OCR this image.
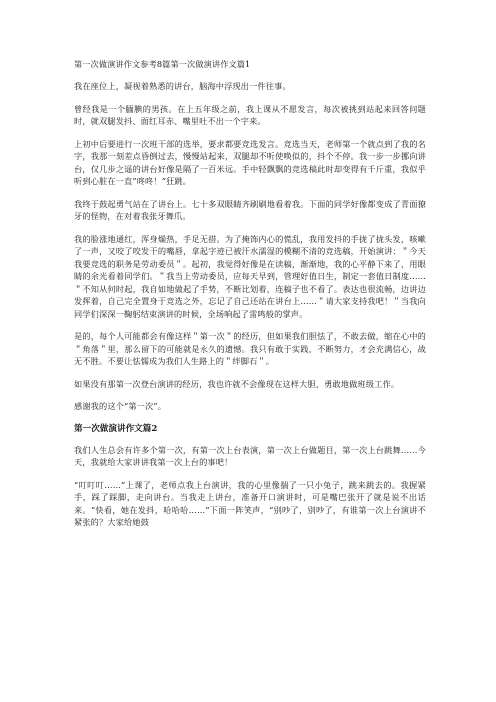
第一次做演讲作文参考8篇第一次做演讲作文篇1

我在座位上，凝视着熟悉的讲台，脑海中浮现出一件往事。

曾经我是一个腼腆的男孩。在上五年级之前，我上课从不愿发言，每次被挑到站起来回答问题时，就双腿发抖、面红耳赤、嘴里吐不出一个字来。

上初中后要进行一次班干部的选举，要求都要竞选发言。竞选当天，老师第一个就点到了我的名字，我那一刻差点昏倒过去，慢慢站起来，双腿却不听使唤似的，抖个不停。我一步一步挪向讲台，仅几步之遥的讲台好像是隔了一百米远。手中轻飘飘的竞选稿此时却变得有千斤重，我似乎听到心脏在一直”咚咚！“狂跳。

我终于鼓起勇气站在了讲台上。七十多双眼睛齐刷刷地看着我。下面的同学好像都变成了青面獠牙的怪物，在对着我张牙舞爪。

我的脸涨地通红，浑身燥热，手足无措。为了掩饰内心的慌乱，我用发抖的手拢了拢头发，咳嗽了一声，又咬了咬发干的嘴唇，拿起字迹已被汗水濡湿的模糊不清的竞选稿，开始演讲：＂今天我要竞选的职务是劳动委员＂。起初，我觉得好像是在读稿，渐渐地，我的心平静下来了，用眼睛的余光看着同学们。＂我当上劳动委员，应每天早到，管理好值日生，制定一套值日制度……＂不知从何时起，我自如地做起了手势，不断比划着，连稿子也不看了。表达也很流畅，边讲边发挥着，自己完全置身于竞选之外，忘记了自己还站在讲台上……＂请大家支持我吧！＂当我向同学们深深一鞠躬结束演讲的时候，全场响起了雷鸣般的掌声。

是的，每个人可能都会有像这样＂第一次＂的经历，但如果我们胆怯了，不敢去做，缩在心中的＂角落＂里，那么留下的可能就是永久的遗憾。我只有敢于实践，不断努力，才会充满信心，战无不胜。不要让怯懦成为我们人生路上的＂绊脚石＂。

如果没有那第一次登台演讲的经历，我也许就不会像现在这样大胆、勇敢地做班级工作。

感谢我的这个“第一次”。

第一次做演讲作文篇2

我们人生总会有许多个第一次，有第一次上台表演，第一次上台做题目，第一次上台跳舞……今天，我就给大家讲讲我第一次上台的事吧！

“叮叮叮……”上课了，老师点我上台演讲，我的心里像揣了一只小兔子，跳来跳去的。我握紧手，踩了踩脚，走向讲台。当我走上讲台，准备开口演讲时，可是嘴巴张开了就是说不出话来。“快看，她在发抖，哈哈哈……”下面一阵笑声，“别吵了，别吵了，有谁第一次上台演讲不紧张的？大家给她鼓
